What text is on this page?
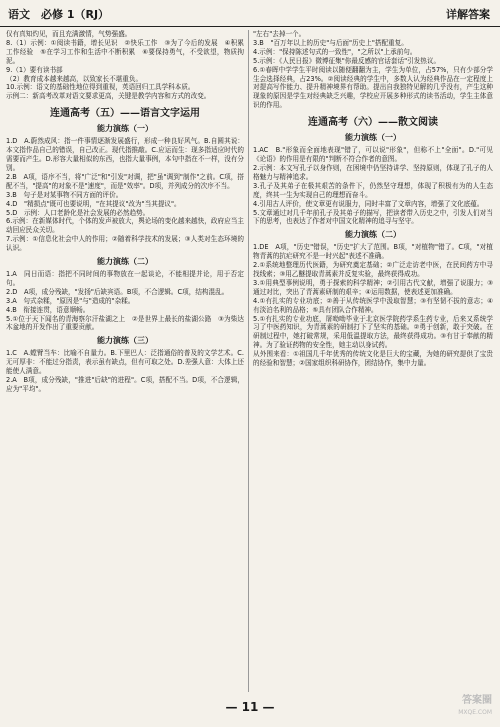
语文　必修 1（RJ）	详解答案

仅有真知灼见，而且充满激情，气势强盛。

8.（1）示例：①阅读书籍，增长见识　②快乐工作　③为了今后的发展　④积累工作经验　⑤在学习工作和生活中不断积累　⑥要保持勇气，不受欲望，物质拘泥。

9.（1）要有读书部

（2）教育成本越来越高，以致家长不堪重负。

10.示例：语文的基础性地位得到重视，英语回归工具学科本质。

示例二：新高考改革对语文要求更高，关键是教学内容和方式的改变。

连通高考（五）——语言文字运用
能力演练（一）

1.D　A.蔚然成风：指一件事情逐渐发展盛行，形成一种良好风气。B.自圆其说：本文指作品自己的错误，自己改正。现代指推敲。C.应运而生：现多指适应时代的需要而产生。D.形容大量相似的东西，也指大量事例，本句中指在不一样，没有分别。

2.B　A项，语序不当，将"广泛"和"引发"对调，把"虽"调到"制作"之前。C项，搭配不当，"提高"的对象不是"速度"，而是"效率"。D项，并列成分的次序不当。

3.B　句子是对某事物不同方面的评价。

4.D　"精损点"既可也要说明，"在其提议"改为"当其提议"。

5.D　示例：人口老龄化是社会发展的必然趋势。

6.示例：在新媒体时代，个体的发声被放大，舆论场的变化越来越快，政府应当主动回应民众关切。

7.示例：①信息化社会中人的作用；②随着科学技术的发展；③人类对生态环境的认识。

能力演练（二）

1.A　同日而语：指把不同时间的事物放在一起谈论，不能相提并论，用于否定句。

2.D　A项，成分残缺，"发扬"后缺宾语。B项，不合逻辑。C项，结构混乱。

3.A　句式杂糅，"原因是"与"造成的"杂糅。

4.B　衔接连贯，语意顺畅。

5.①位于天下闻名的青海察尔汗盐湖之上　②是世界上最长的盐湖公路　③为柴达木盆地的开发作出了重要贡献。

能力演练（三）

1.C　A.螳臂当车：比喻不自量力。B.下里巴人：泛指通俗的普及的文学艺术。C.无可厚非：不能过分指责，表示虽有缺点，但有可取之处。D.差强人意：大体上还能使人满意。

2.A　B项，成分残缺，"推进"后缺"的进程"。C项，搭配不当。D项，不合逻辑，应为"平均"。

"左右"去掉一个。

3.B　"百万年以上的历史"与后面"历史上"搭配重复。

4.示例："保持陈述句式的一致性"，"之所以"上承前句。

5.示例：《人民日报》微博征集"你最反感的官话套话"引发热议。

6.①春晖中学学生平时阅读以随便翻翻为主，学生为单位，占57%，只有少部分学生会选择经典，占23%。②阅读经典的学生中，多数人认为经典作品在一定程度上对提高写作能力、提升精神境界有帮助。提出自我独特见解的几乎没有，产生这种现象的原因是学生对经典缺乏兴趣，学校应开展多种形式的读书活动，学生主体意识的作用。

连通高考（六）——散文阅读
能力演练（一）

1.AC　B."形象而全面地表现"错了，可以说"形象"，但称不上"全面"。D."可见《论语》的作用是有限的"判断不符合作者的意图。

2.示例：本文写孔子以身作则，在困境中仍坚持讲学、坚持原则，体现了孔子的人格魅力与精神追求。

3.孔子及其弟子在极其艰苦的条件下，仍然坚守理想，体现了积极有为的人生态度，终其一生为实现自己的理想而奋斗。

4.引用古人评价，使文章更有说服力，同时丰富了文章内容，增强了文化底蕴。

5.文章通过对几千年前孔子及其弟子的描写，把读者带入历史之中，引发人们对当下的思考，也表达了作者对中国文化精神的追寻与坚守。

能力演练（二）

1.DE　A项，"历史"错误，"历史"扩大了范围。B项，"对植物"错了。C项，"对植物青蒿的抗疟研究不是一时兴起"表述不准确。

2.①系统地整理历代医籍，为研究奠定基础；②广泛走访老中医，在民间药方中寻找线索；③用乙醚提取青蒿素并反复实验，最终获得成功。

3.①用典型事例说明，勇于探索的科学精神；②引用古代文献，增强了说服力；③通过对比，突出了青蒿素研制的艰辛；④运用数据，使表述更加准确。

4.①有扎实的专业功底；②善于从传统医学中汲取智慧；③有坚韧不拔的意志；④有淡泊名利的品格；⑤具有团队合作精神。

5.①有扎实的专业功底，屠呦呦毕业于北京医学院药学系生药专业，后来又系统学习了中医药知识，为青蒿素的研制打下了坚实的基础。②勇于创新，敢于突破。在研制过程中，她打破常规，采用低温提取方法，最终获得成功。③有甘于奉献的精神。为了验证药物的安全性，她主动以身试药。

从外围来看：①祖国几千年优秀的传统文化是巨大的宝藏，为她的研究提供了宝贵的经验和智慧；②国家组织科研协作，团结协作，集中力量。

— 11 —	答案圈
MXQE.COM
